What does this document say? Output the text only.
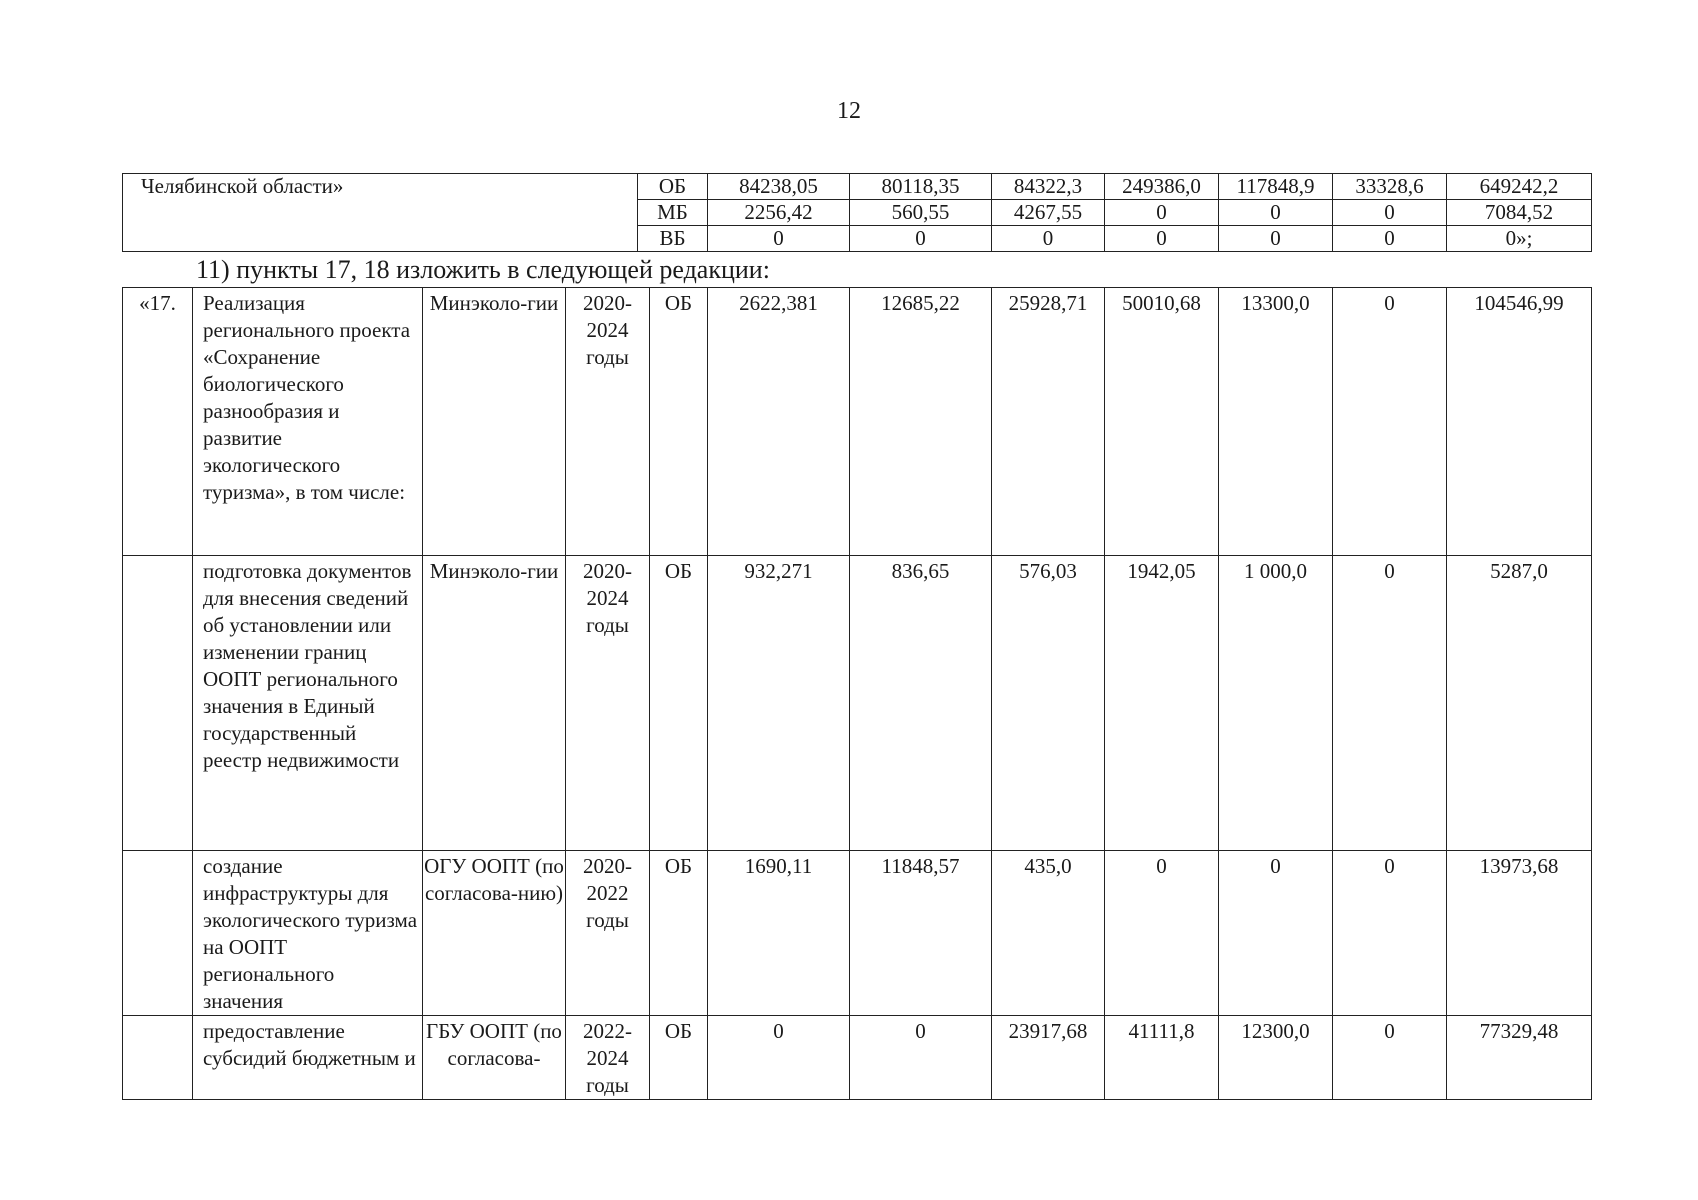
12
Челябинской области»	ОБ	84238,05	80118,35	84322,3	249386,0	117848,9	33328,6	649242,2
	МБ	2256,42	560,55	4267,55	0	0	0	7084,52
	ВБ	0	0	0	0	0	0	0»;
11) пункты 17, 18 изложить в следующей редакции:
«17.	Реализация регионального проекта «Сохранение биологического разнообразия и развитие экологического туризма», в том числе:	Минэколо-гии	2020-2024 годы	ОБ	2622,381	12685,22	25928,71	50010,68	13300,0	0	104546,99
	подготовка документов для внесения сведений об установлении или изменении границ ООПТ регионального значения в Единый государственный реестр недвижимости	Минэколо-гии	2020-2024 годы	ОБ	932,271	836,65	576,03	1942,05	1 000,0	0	5287,0
	создание инфраструктуры для экологического туризма на ООПТ регионального значения	ОГУ ООПТ (по согласова-нию)	2020-2022 годы	ОБ	1690,11	11848,57	435,0	0	0	0	13973,68
	предоставление субсидий бюджетным и	ГБУ ООПТ (по согласова-	2022-2024 годы	ОБ	0	0	23917,68	41111,8	12300,0	0	77329,48
